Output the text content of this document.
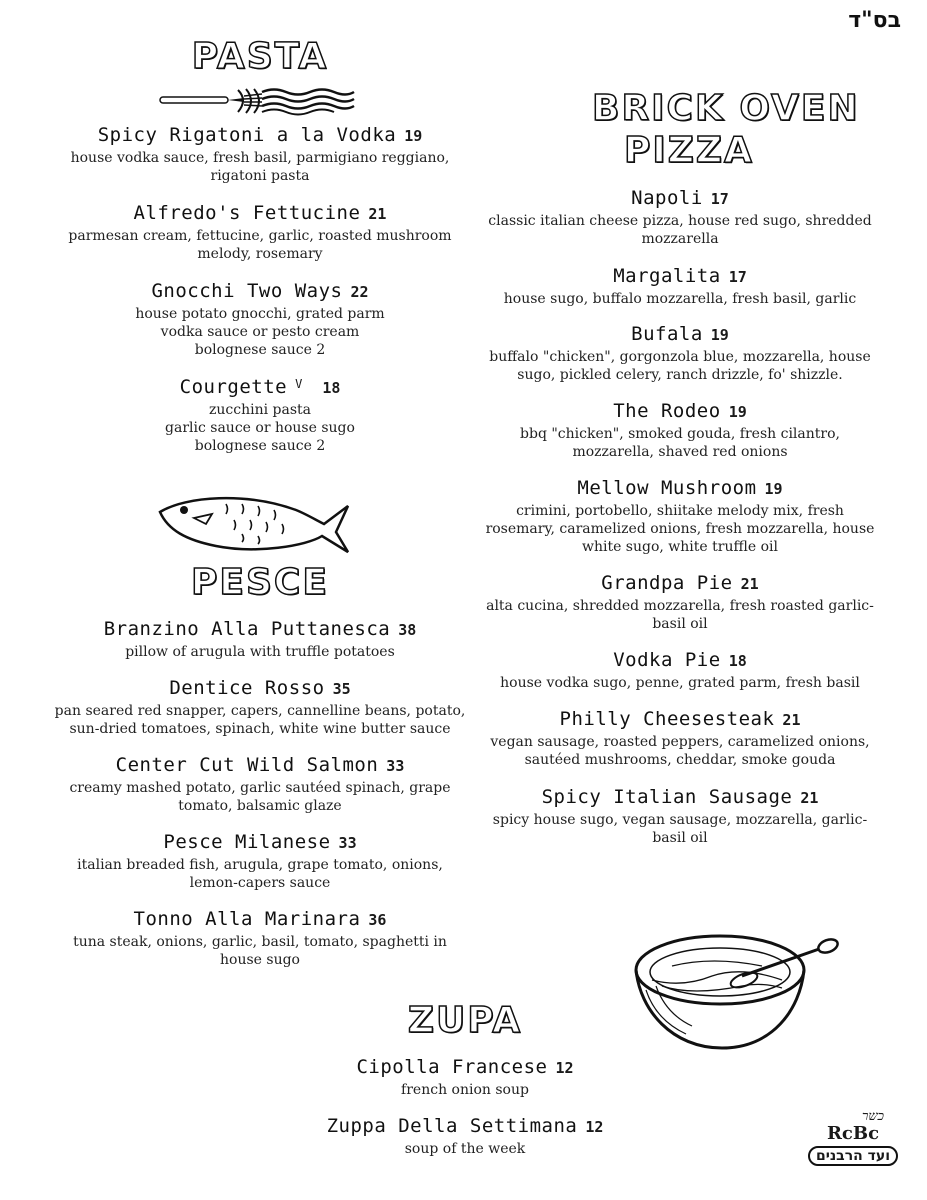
בס"ד
PASTA
Spicy Rigatoni a la Vodka 19
house vodka sauce, fresh basil, parmigiano reggiano,
rigatoni pasta
Alfredo's Fettucine 21
parmesan cream, fettucine, garlic, roasted mushroom
melody, rosemary
Gnocchi Two Ways 22
house potato gnocchi, grated parm
vodka sauce or pesto cream
bolognese sauce 2
Courgette $^V$ 18
zucchini pasta
garlic sauce or house sugo
bolognese sauce 2
PESCE
Branzino Alla Puttanesca 38
pillow of arugula with truffle potatoes
Dentice Rosso 35
pan seared red snapper, capers, cannelline beans, potato,
sun-dried tomatoes, spinach, white wine butter sauce
Center Cut Wild Salmon 33
creamy mashed potato, garlic sautéed spinach, grape
tomato, balsamic glaze
Pesce Milanese 33
italian breaded fish, arugula, grape tomato, onions,
lemon-capers sauce
Tonno Alla Marinara 36
tuna steak, onions, garlic, basil, tomato, spaghetti in
house sugo
BRICK OVEN
PIZZA
Napoli 17
classic italian cheese pizza, house red sugo, shredded
mozzarella
Margalita 17
house sugo, buffalo mozzarella, fresh basil, garlic
Bufala 19
buffalo "chicken", gorgonzola blue, mozzarella, house
sugo, pickled celery, ranch drizzle, fo' shizzle.
The Rodeo 19
bbq "chicken", smoked gouda, fresh cilantro,
mozzarella, shaved red onions
Mellow Mushroom 19
crimini, portobello, shiitake melody mix, fresh
rosemary, caramelized onions, fresh mozzarella, house
white sugo, white truffle oil
Grandpa Pie 21
alta cucina, shredded mozzarella, fresh roasted garlic-
basil oil
Vodka Pie 18
house vodka sugo, penne, grated parm, fresh basil
Philly Cheesesteak 21
vegan sausage, roasted peppers, caramelized onions,
sautéed mushrooms, cheddar, smoke gouda
Spicy Italian Sausage 21
spicy house sugo, vegan sausage, mozzarella, garlic-
basil oil
ZUPA
Cipolla Francese 12
french onion soup
Zuppa Della Settimana 12
soup of the week
כשר
RcBc
ועד הרבנים
